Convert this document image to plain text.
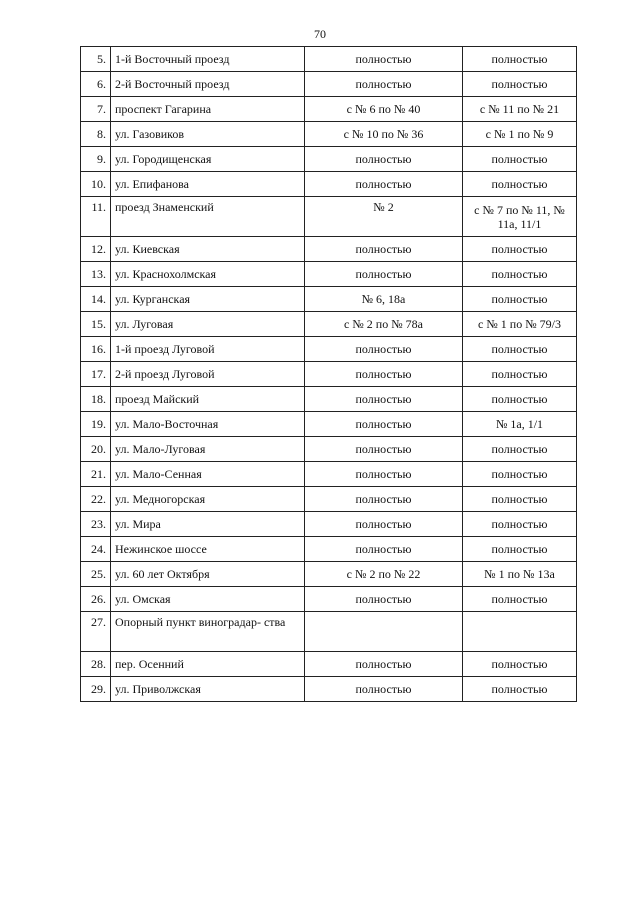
70
5.	1-й Восточный проезд	полностью	полностью
6.	2-й Восточный проезд	полностью	полностью
7.	проспект Гагарина	с № 6 по № 40	с № 11 по № 21
8.	ул. Газовиков	с № 10 по № 36	с № 1 по № 9
9.	ул. Городищенская	полностью	полностью
10.	ул. Епифанова	полностью	полностью
11.	проезд Знаменский	№ 2	с № 7 по № 11, № 11а, 11/1
12.	ул. Киевская	полностью	полностью
13.	ул. Краснохолмская	полностью	полностью
14.	ул. Курганская	№ 6, 18а	полностью
15.	ул. Луговая	с № 2 по № 78а	с № 1 по № 79/3
16.	1-й проезд Луговой	полностью	полностью
17.	2-й проезд Луговой	полностью	полностью
18.	проезд Майский	полностью	полностью
19.	ул. Мало-Восточная	полностью	№ 1а, 1/1
20.	ул. Мало-Луговая	полностью	полностью
21.	ул. Мало-Сенная	полностью	полностью
22.	ул. Медногорская	полностью	полностью
23.	ул. Мира	полностью	полностью
24.	Нежинское шоссе	полностью	полностью
25.	ул. 60 лет Октября	с № 2 по № 22	№ 1 по № 13а
26.	ул. Омская	полностью	полностью
27.	Опорный пункт виноградар- ства		
28.	пер. Осенний	полностью	полностью
29.	ул. Приволжская	полностью	полностью
